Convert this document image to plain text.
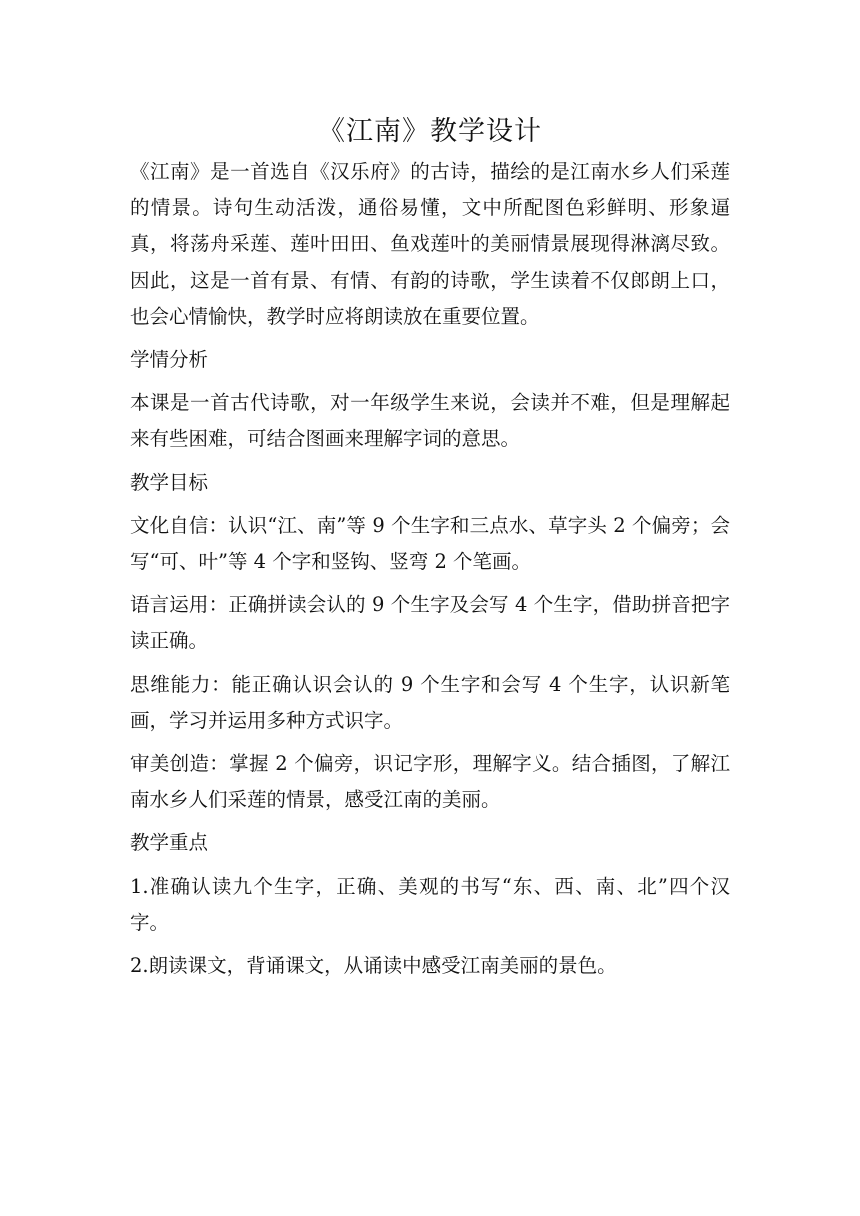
《江南》教学设计

《江南》是一首选自《汉乐府》的古诗，描绘的是江南水乡人们采莲的情景。诗句生动活泼，通俗易懂，文中所配图色彩鲜明、形象逼真，将荡舟采莲、莲叶田田、鱼戏莲叶的美丽情景展现得淋漓尽致。因此，这是一首有景、有情、有韵的诗歌，学生读着不仅郎朗上口，也会心情愉快，教学时应将朗读放在重要位置。

学情分析

本课是一首古代诗歌，对一年级学生来说，会读并不难，但是理解起来有些困难，可结合图画来理解字词的意思。

教学目标

文化自信：认识“江、南”等 9 个生字和三点水、草字头 2 个偏旁；会写“可、叶”等 4 个字和竖钩、竖弯 2 个笔画。

语言运用：正确拼读会认的 9 个生字及会写 4 个生字，借助拼音把字读正确。

思维能力：能正确认识会认的 9 个生字和会写 4 个生字，认识新笔画，学习并运用多种方式识字。

审美创造：掌握 2 个偏旁，识记字形，理解字义。结合插图，了解江南水乡人们采莲的情景，感受江南的美丽。

教学重点

1.准确认读九个生字，正确、美观的书写“东、西、南、北”四个汉字。

2.朗读课文，背诵课文，从诵读中感受江南美丽的景色。
